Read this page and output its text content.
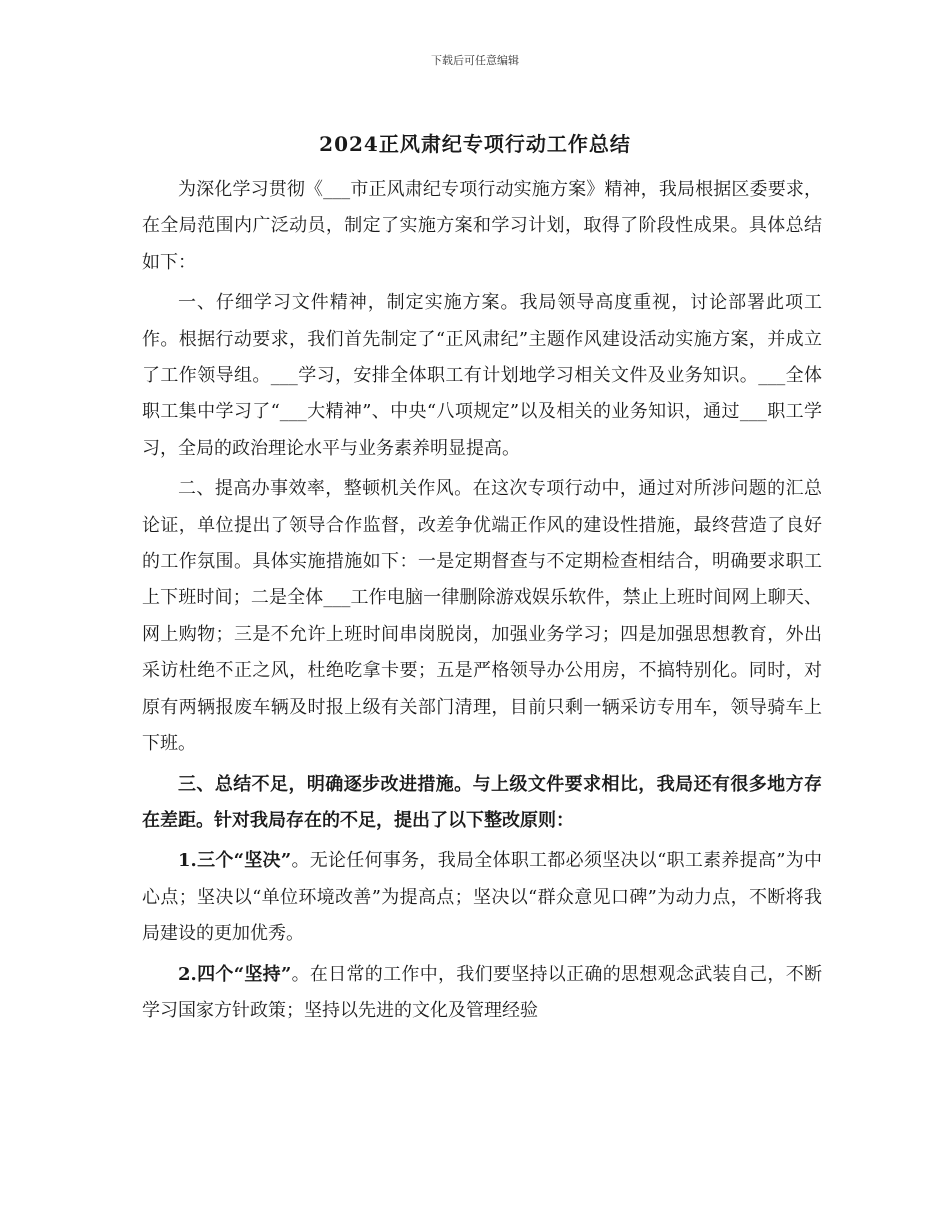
下载后可任意编辑
2024正风肃纪专项行动工作总结

为深化学习贯彻《___市正风肃纪专项行动实施方案》精神，我局根据区委要求，在全局范围内广泛动员，制定了实施方案和学习计划，取得了阶段性成果。具体总结如下：

一、仔细学习文件精神，制定实施方案。我局领导高度重视，讨论部署此项工作。根据行动要求，我们首先制定了“正风肃纪”主题作风建设活动实施方案，并成立了工作领导组。___学习，安排全体职工有计划地学习相关文件及业务知识。___全体职工集中学习了“___大精神”、中央“八项规定”以及相关的业务知识，通过___职工学习，全局的政治理论水平与业务素养明显提高。

二、提高办事效率，整顿机关作风。在这次专项行动中，通过对所涉问题的汇总论证，单位提出了领导合作监督，改差争优端正作风的建设性措施，最终营造了良好的工作氛围。具体实施措施如下：一是定期督查与不定期检查相结合，明确要求职工上下班时间；二是全体___工作电脑一律删除游戏娱乐软件，禁止上班时间网上聊天、网上购物；三是不允许上班时间串岗脱岗，加强业务学习；四是加强思想教育，外出采访杜绝不正之风，杜绝吃拿卡要；五是严格领导办公用房，不搞特别化。同时，对原有两辆报废车辆及时报上级有关部门清理，目前只剩一辆采访专用车，领导骑车上下班。

三、总结不足，明确逐步改进措施。与上级文件要求相比，我局还有很多地方存在差距。针对我局存在的不足，提出了以下整改原则：

1.三个“坚决”。无论任何事务，我局全体职工都必须坚决以“职工素养提高”为中心点；坚决以“单位环境改善”为提高点；坚决以“群众意见口碑”为动力点，不断将我局建设的更加优秀。

2.四个“坚持”。在日常的工作中，我们要坚持以正确的思想观念武装自己，不断学习国家方针政策；坚持以先进的文化及管理经验
